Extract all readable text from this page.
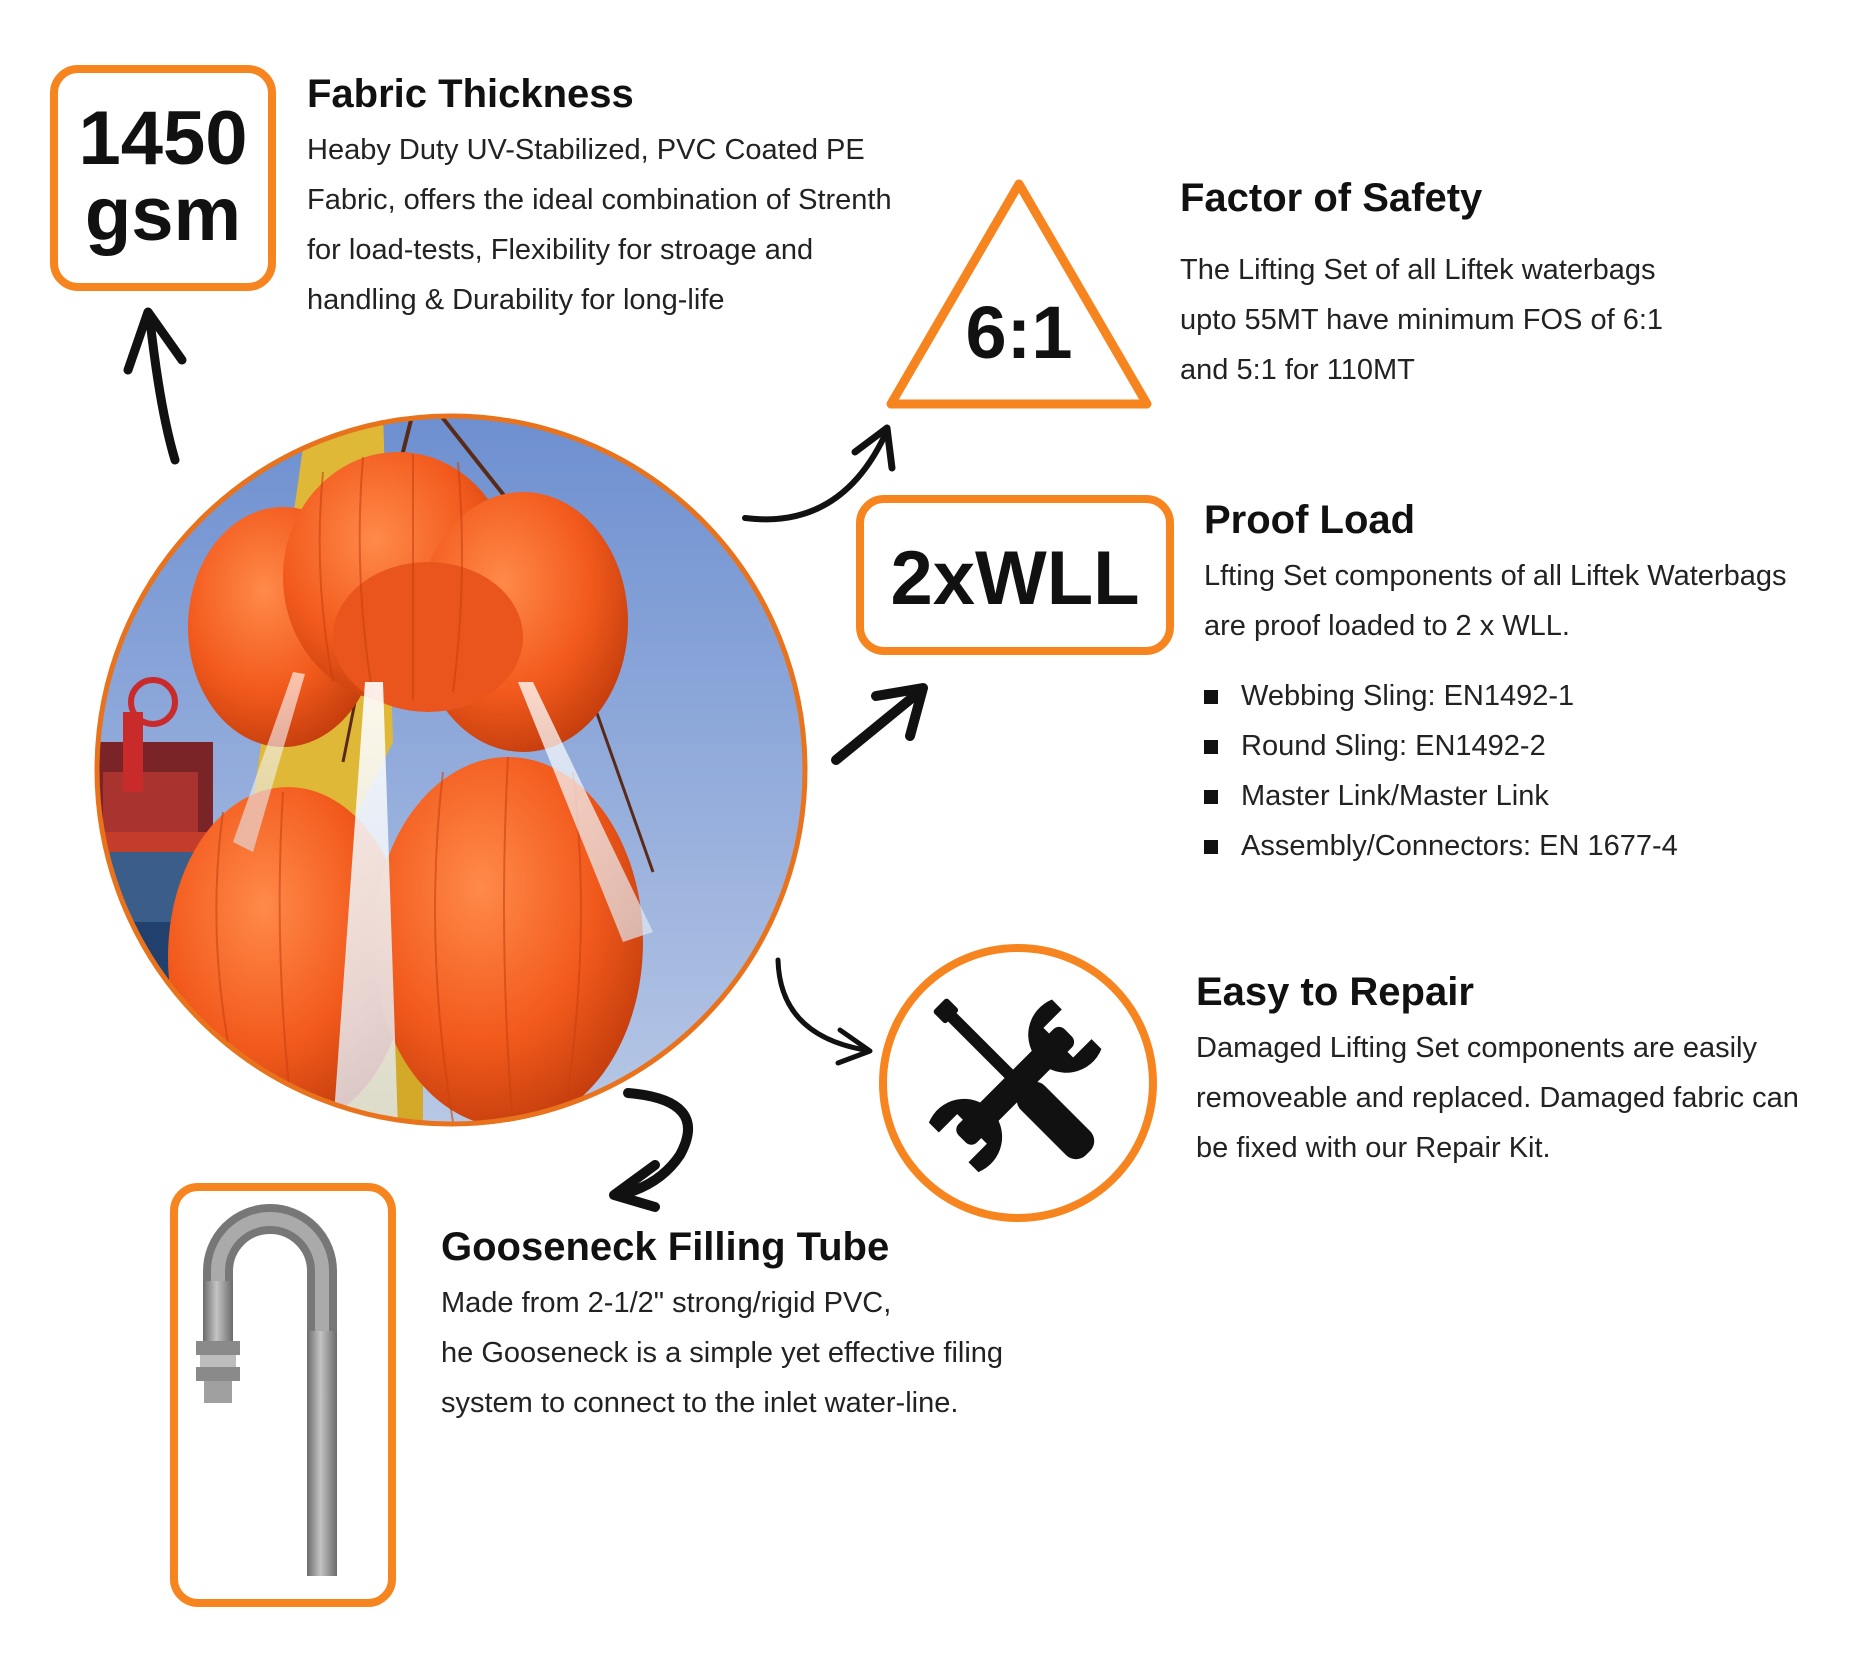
1450
gsm
Fabric Thickness
Heaby Duty UV-Stabilized, PVC Coated PE
Fabric, offers the ideal combination of Strenth
for load-tests, Flexibility for stroage and
handling & Durability for long-life	6:1
Factor of Safety
The Lifting Set of all Liftek waterbags
upto 55MT have minimum FOS of 6:1
and 5:1 for 110MT
2xWLL
Proof Load
Lfting Set components of all Liftek Waterbags
are proof loaded to 2 x WLL.
Webbing Sling: EN1492-1
Round Sling: EN1492-2
Master Link/Master Link
Assembly/Connectors: EN 1677-4
Easy to Repair
Damaged Lifting Set components are easily
removeable and replaced. Damaged fabric can
be fixed with our Repair Kit.
Gooseneck Filling Tube
Made from 2-1/2" strong/rigid PVC,
he Gooseneck is a simple yet effective filing
system to connect to the inlet water-line.
